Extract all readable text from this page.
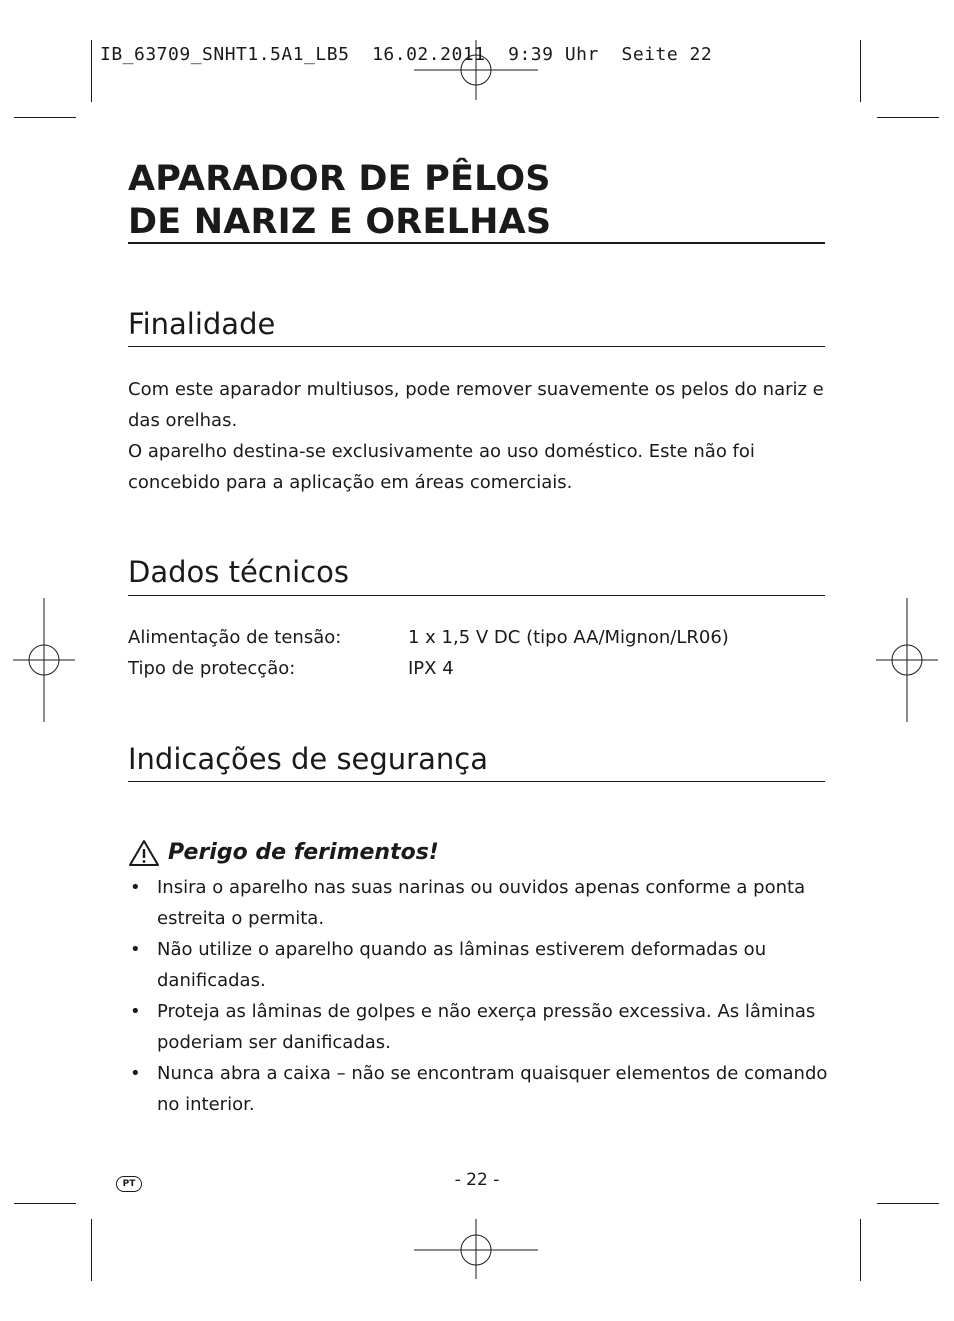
IB_63709_SNHT1.5A1_LB5  16.02.2011  9:39 Uhr  Seite 22
APARADOR DE PÊLOS
DE NARIZ E ORELHAS
Finalidade

Com este aparador multiusos, pode remover suavemente os pelos do nariz e das orelhas.

O aparelho destina-se exclusivamente ao uso doméstico. Este não foi concebido para a aplicação em áreas comerciais.

Dados técnicos
Alimentação de tensão:	1 x 1,5 V DC (tipo AA/Mignon/LR06)
Tipo de protecção:	IPX 4
Indicações de segurança
Perigo de ferimentos!
• Insira o aparelho nas suas narinas ou ouvidos apenas conforme a ponta estreita o permita.
• Não utilize o aparelho quando as lâminas estiverem deformadas ou danificadas.
• Proteja as lâminas de golpes e não exerça pressão excessiva. As lâminas poderiam ser danificadas.
• Nunca abra a caixa – não se encontram quaisquer elementos de comando no interior.
PT	- 22 -
